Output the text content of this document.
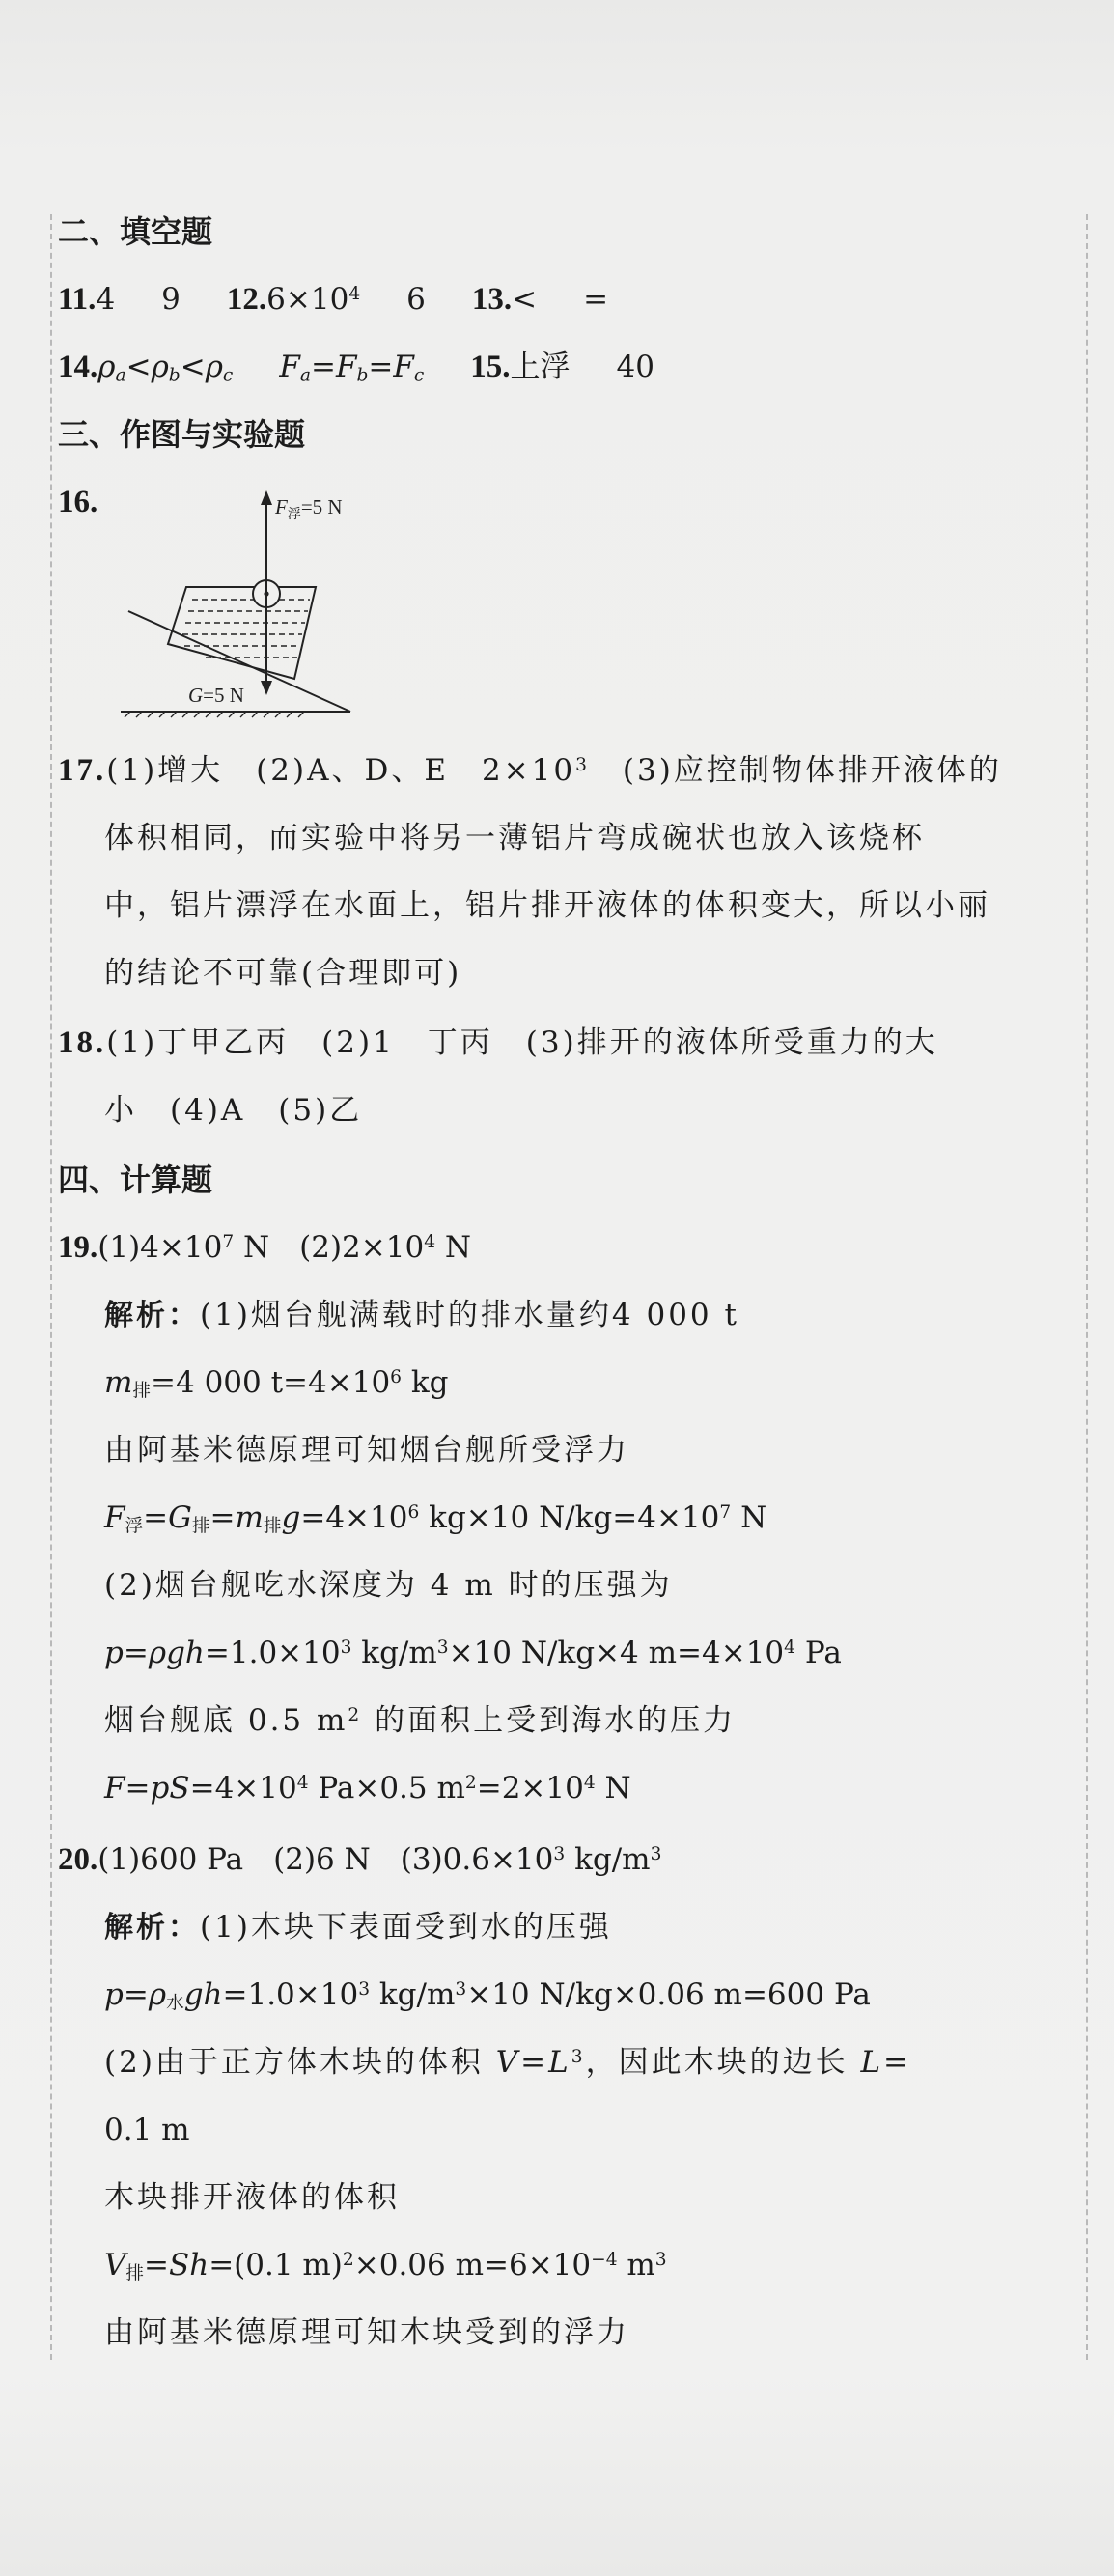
二、填空题
11.4 9 $12.6\times 10^4$ 6 13.< =
$14.\rho_a<\rho_b<\rho_c$ $F_a=F_b=F_c$ 15.上浮 40
三、作图与实验题
16.	$F_浮=5$ N
G=5 N
17.(1)增大　(2)A、D、E　$2\times 10^3$　(3)应控制物体排开液体的
体积相同，而实验中将另一薄铝片弯成碗状也放入该烧杯
中，铝片漂浮在水面上，铝片排开液体的体积变大，所以小丽
的结论不可靠(合理即可)
18.(1)丁甲乙丙　(2)1　丁丙　(3)排开的液体所受重力的大
小　(4)A　(5)乙
四、计算题
$19.(1)4\times 10^7$ N　$(2)2\times 10^4$ N
解析：(1)烟台舰满载时的排水量约4 000 t
$m_排=4$ 000 $t=4\times 10^6$ kg
由阿基米德原理可知烟台舰所受浮力
$F_浮=G_排=m_排g=4\times 10^6$ kg×10 $N/kg=4\times 10^7$ N
(2)烟台舰吃水深度为 4 m 时的压强为
$p=\rho gh=1.0\times 10^3$ $kg/m^3\times 10$ N/kg×4 $m=4\times 10^4$ Pa
烟台舰底 0.5 $m^2$ 的面积上受到海水的压力
$F=pS=4\times 10^4$ Pa×0.5 $m^2=2\times 10^4$ N
20.(1)600 Pa　(2)6 N　$(3)0.6\times 10^3$ $kg/m^3$
解析：(1)木块下表面受到水的压强
$p=\rho_水gh=1.0\times 10^3$ $kg/m^3\times 10$ N/kg×0.06 m=600 Pa
(2)由于正方体木块的体积 $V=L^3$，因此木块的边长 L=
0.1 m
木块排开液体的体积
$V_排=Sh=(0.1$ m)$^2$×0.06 $m=6\times 10^{-4}$ $m^3$
由阿基米德原理可知木块受到的浮力
